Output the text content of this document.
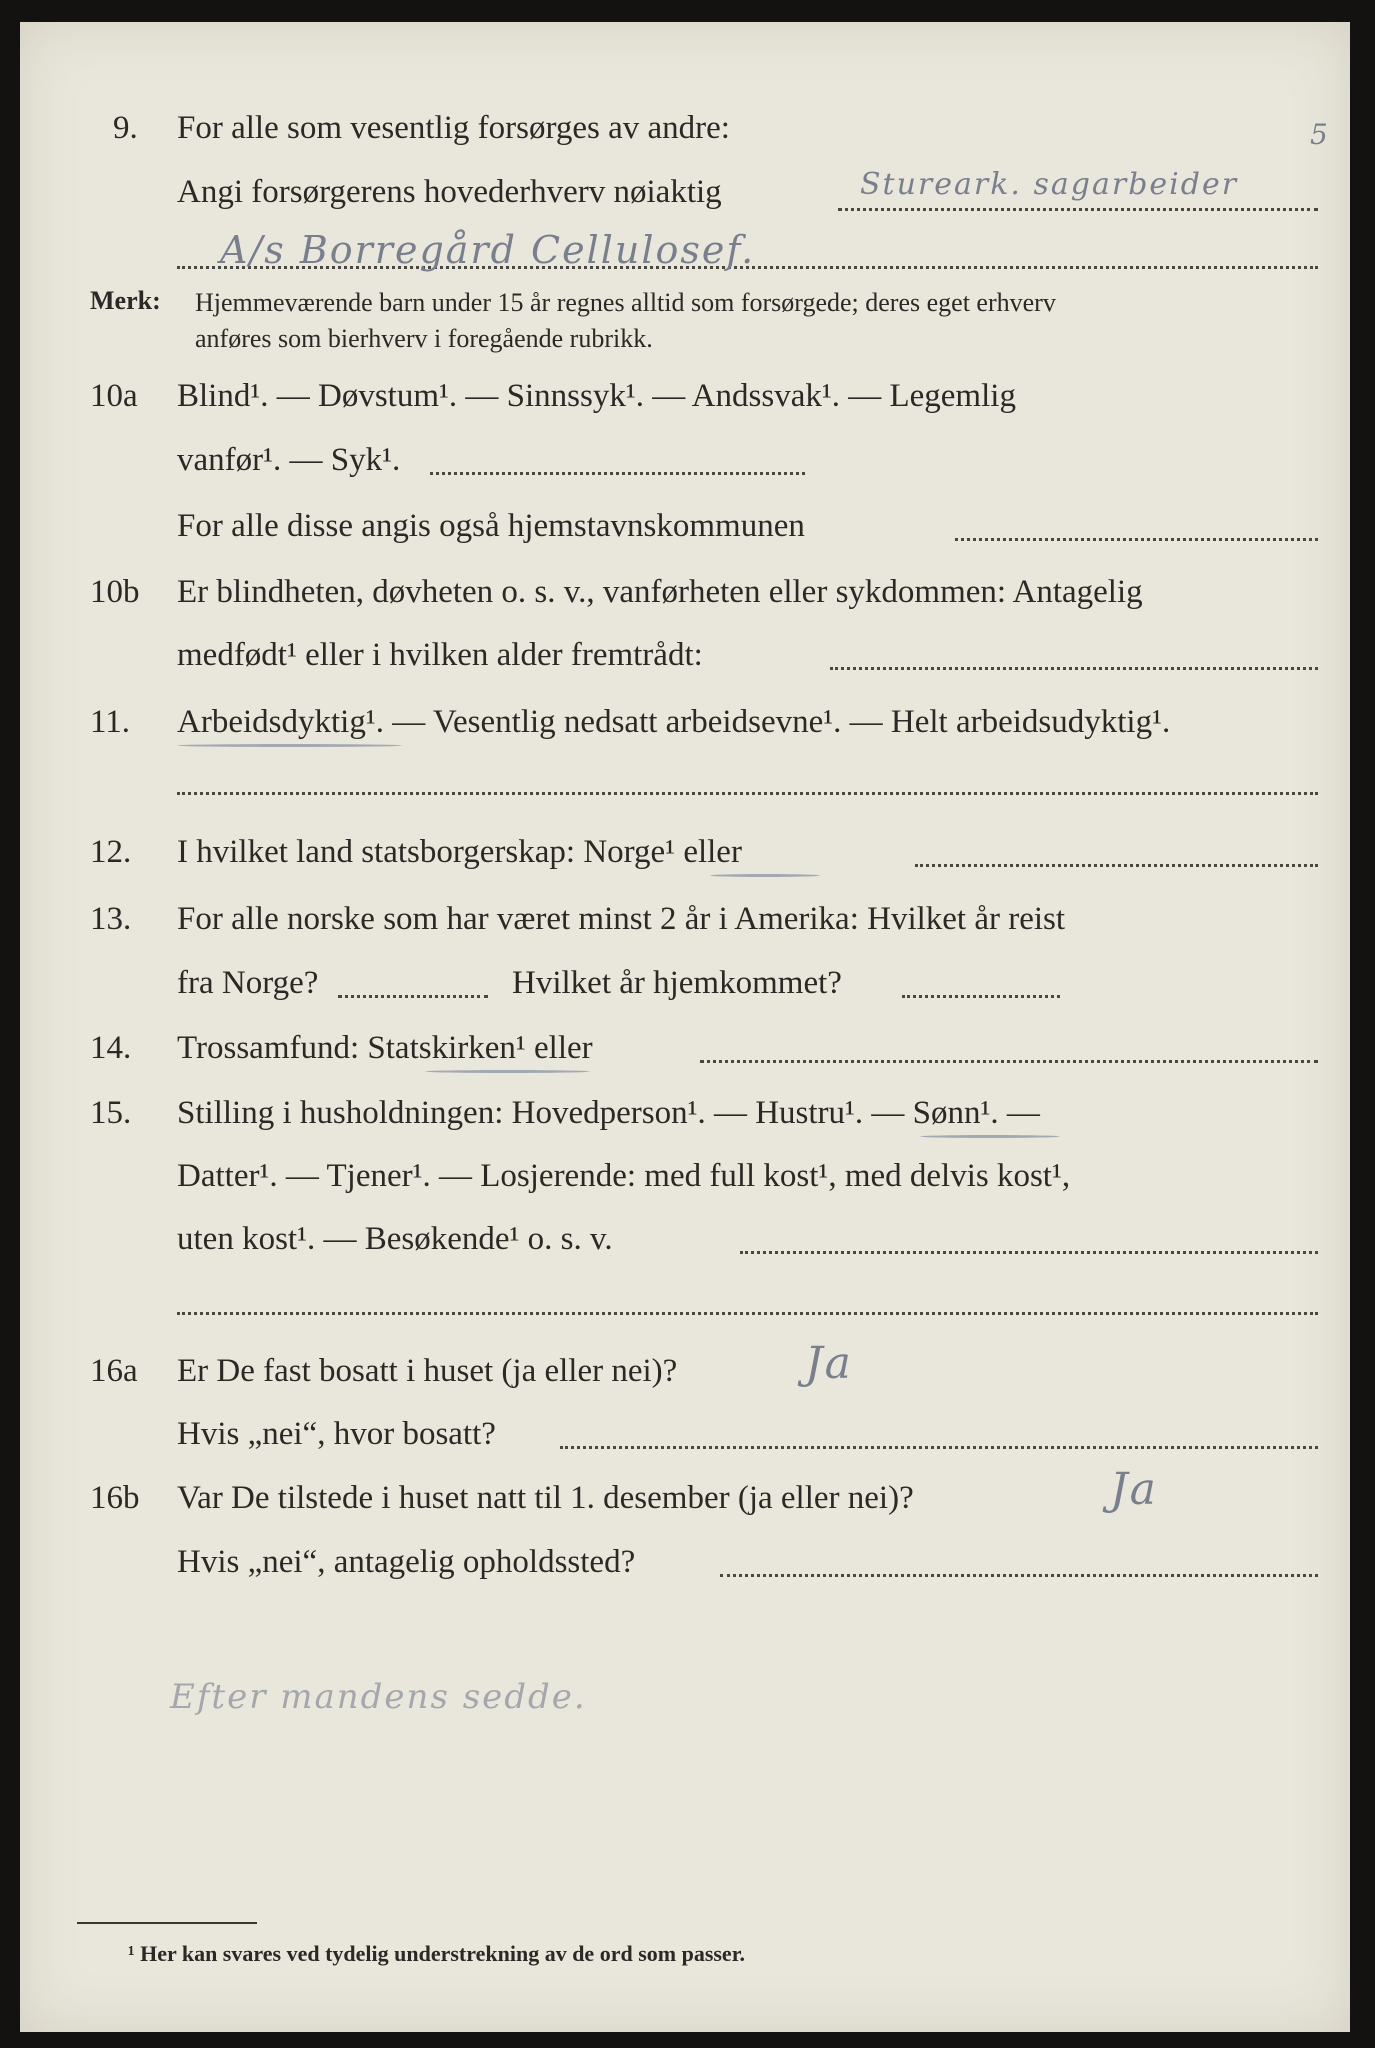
9. For alle som vesentlig forsørges av andre:	5
Angi forsørgerens hovederhverv nøiaktig	Stureark. sagarbeider
A/s Borregård Cellulosef.
Merk: Hjemmeværende barn under 15 år regnes alltid som forsørgede; deres eget erhverv
anføres som bierhverv i foregående rubrikk.
10a Blind¹. — Døvstum¹. — Sinnssyk¹. — Andssvak¹. — Legemlig
vanfør¹. — Syk¹.
For alle disse angis også hjemstavnskommunen
10b Er blindheten, døvheten o. s. v., vanførheten eller sykdommen: Antagelig
medfødt¹ eller i hvilken alder fremtrådt:
11. Arbeidsdyktig¹. — Vesentlig nedsatt arbeidsevne¹. — Helt arbeidsudyktig¹.
12. I hvilket land statsborgerskap: Norge¹ eller
13. For alle norske som har været minst 2 år i Amerika: Hvilket år reist
fra Norge?	Hvilket år hjemkommet?
14. Trossamfund: Statskirken¹ eller
15. Stilling i husholdningen: Hovedperson¹. — Hustru¹. — Sønn¹. —
Datter¹. — Tjener¹. — Losjerende: med full kost¹, med delvis kost¹,
uten kost¹. — Besøkende¹ o. s. v.
16a Er De fast bosatt i huset (ja eller nei)?	Ja
Hvis „nei“, hvor bosatt?
16b Var De tilstede i huset natt til 1. desember (ja eller nei)?	Ja
Hvis „nei“, antagelig opholdssted?
Efter mandens sedde.
¹ Her kan svares ved tydelig understrekning av de ord som passer.
